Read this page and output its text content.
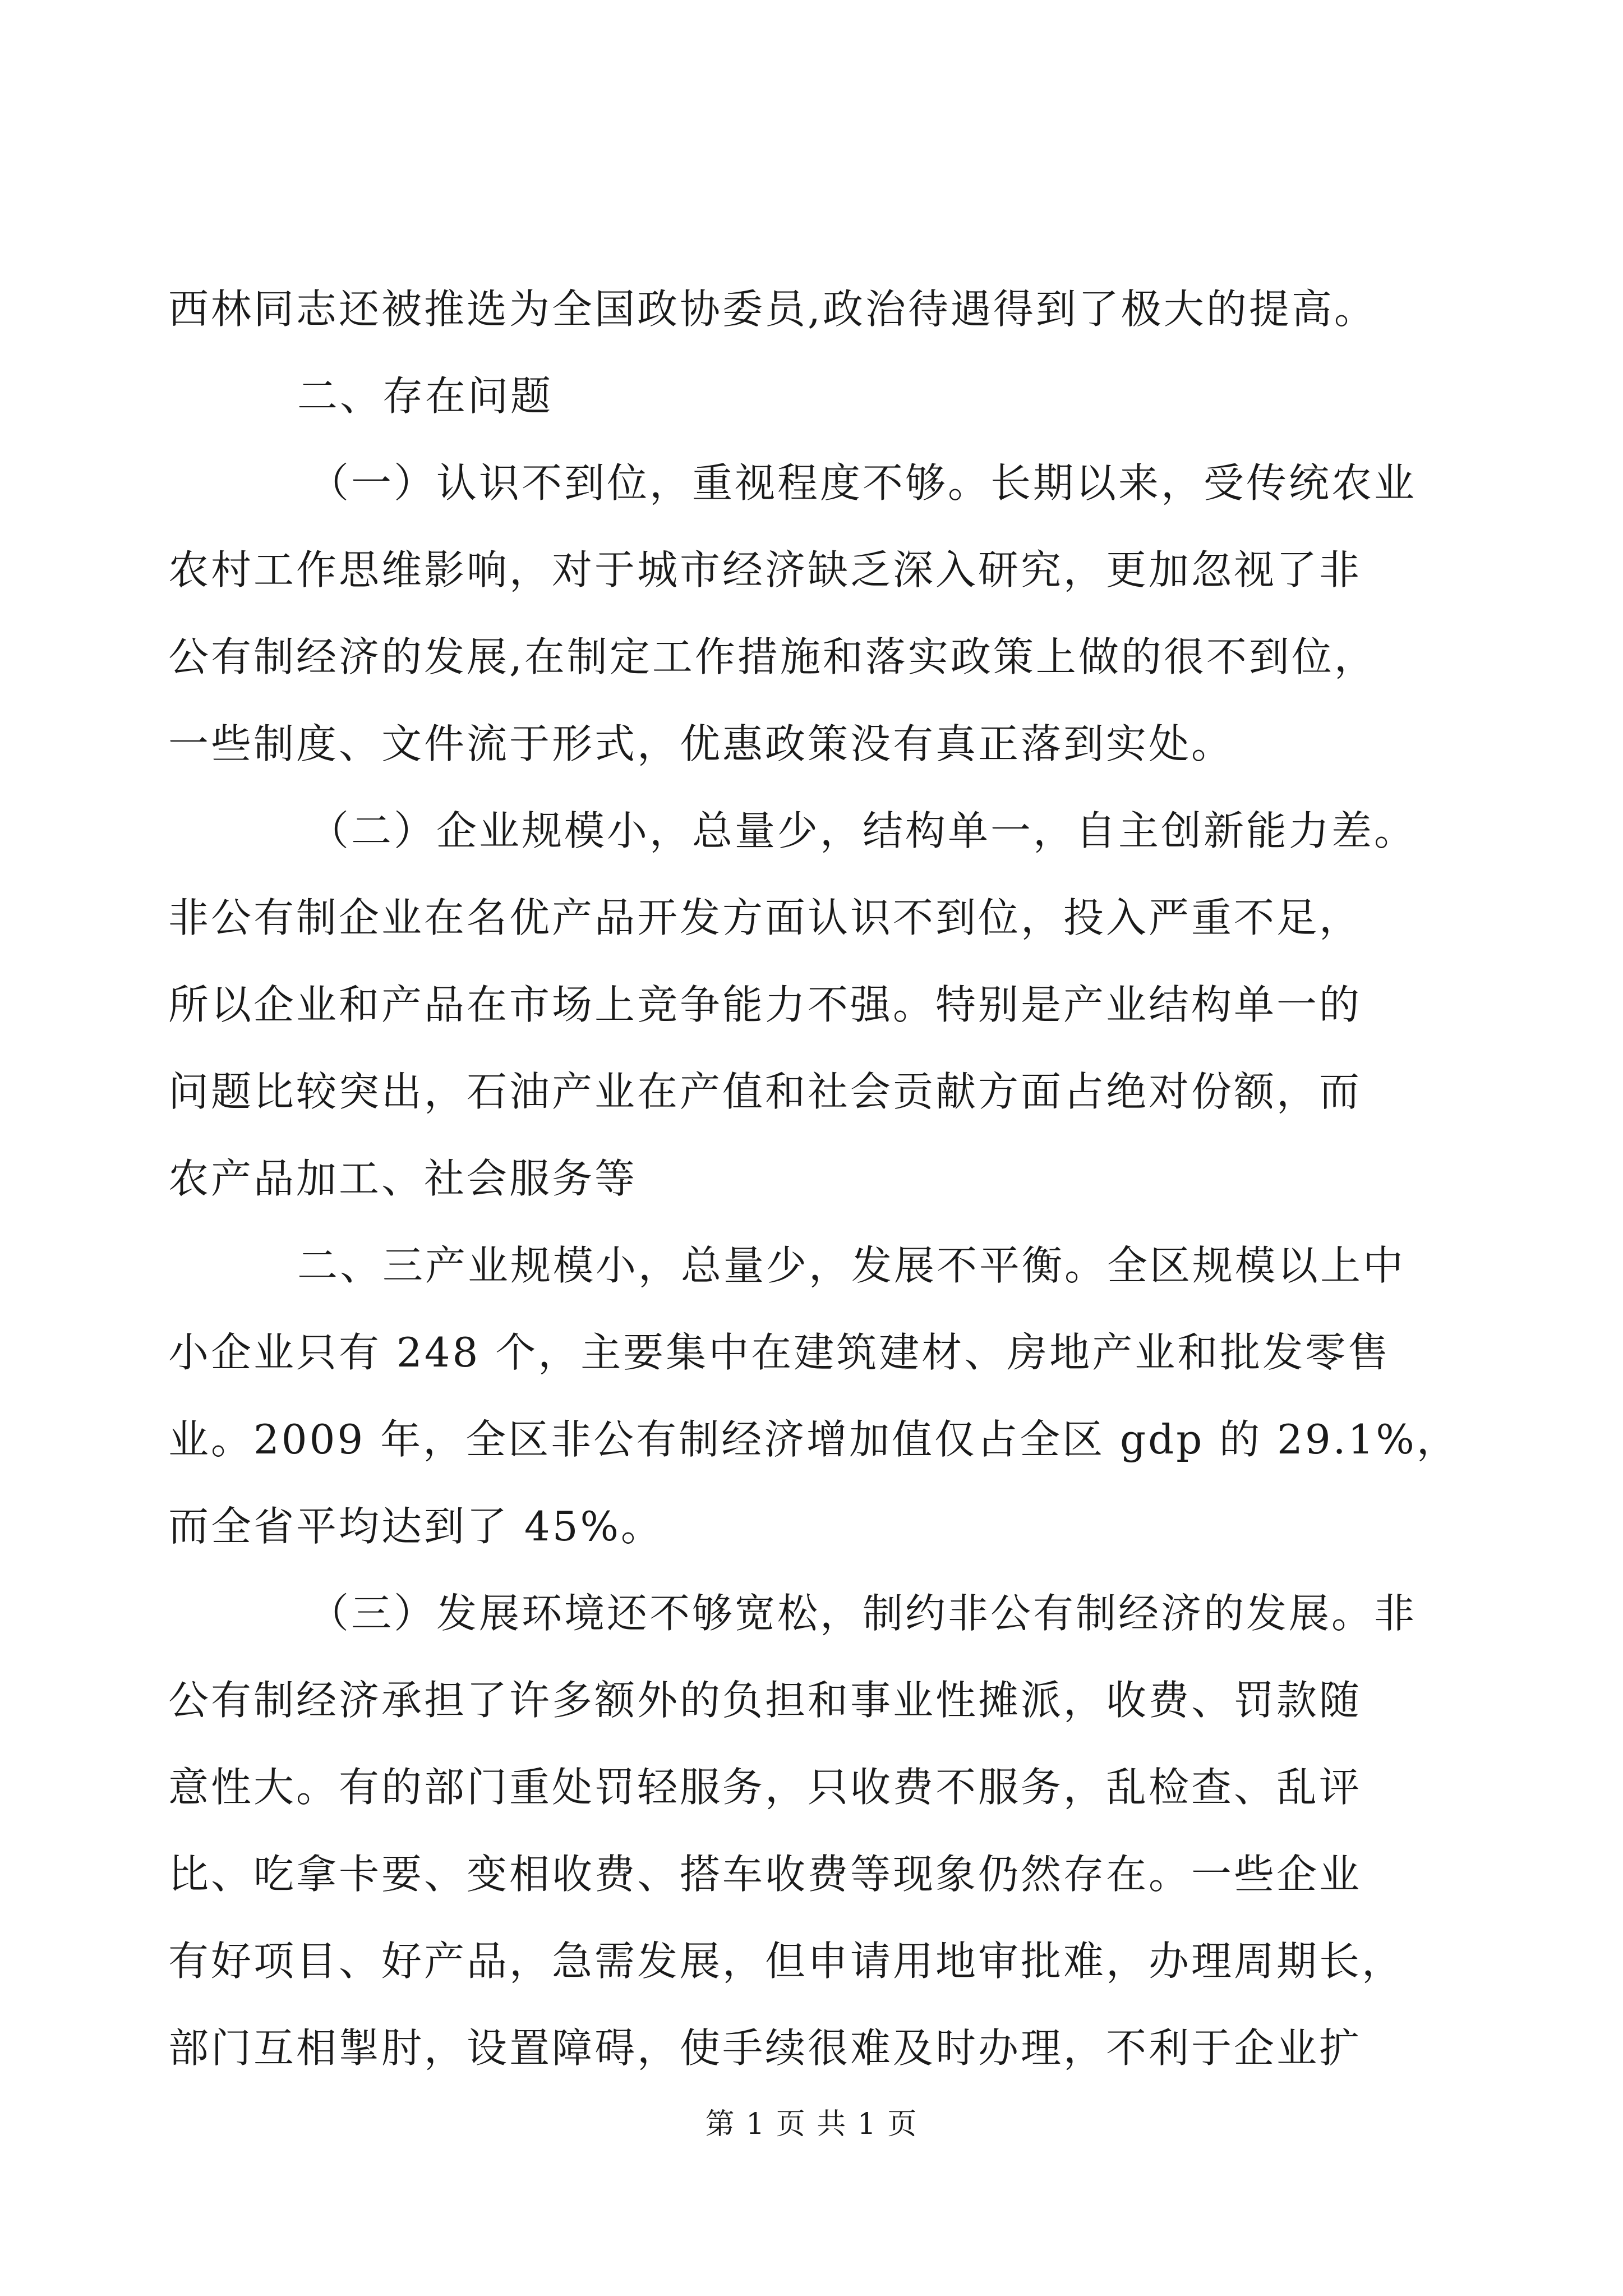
西林同志还被推选为全国政协委员,政治待遇得到了极大的提高。
二、存在问题
（一）认识不到位，重视程度不够。长期以来，受传统农业
农村工作思维影响，对于城市经济缺乏深入研究，更加忽视了非
公有制经济的发展,在制定工作措施和落实政策上做的很不到位，
一些制度、文件流于形式，优惠政策没有真正落到实处。
（二）企业规模小，总量少，结构单一，自主创新能力差。
非公有制企业在名优产品开发方面认识不到位，投入严重不足，
所以企业和产品在市场上竞争能力不强。特别是产业结构单一的
问题比较突出，石油产业在产值和社会贡献方面占绝对份额，而
农产品加工、社会服务等
二、三产业规模小，总量少，发展不平衡。全区规模以上中
小企业只有 248 个，主要集中在建筑建材、房地产业和批发零售
业。2009 年，全区非公有制经济增加值仅占全区 gdp 的 29.1%，
而全省平均达到了 45%。
（三）发展环境还不够宽松，制约非公有制经济的发展。非
公有制经济承担了许多额外的负担和事业性摊派，收费、罚款随
意性大。有的部门重处罚轻服务，只收费不服务，乱检查、乱评
比、吃拿卡要、变相收费、搭车收费等现象仍然存在。一些企业
有好项目、好产品，急需发展，但申请用地审批难，办理周期长，
部门互相掣肘，设置障碍，使手续很难及时办理，不利于企业扩
第 1 页 共 1 页
